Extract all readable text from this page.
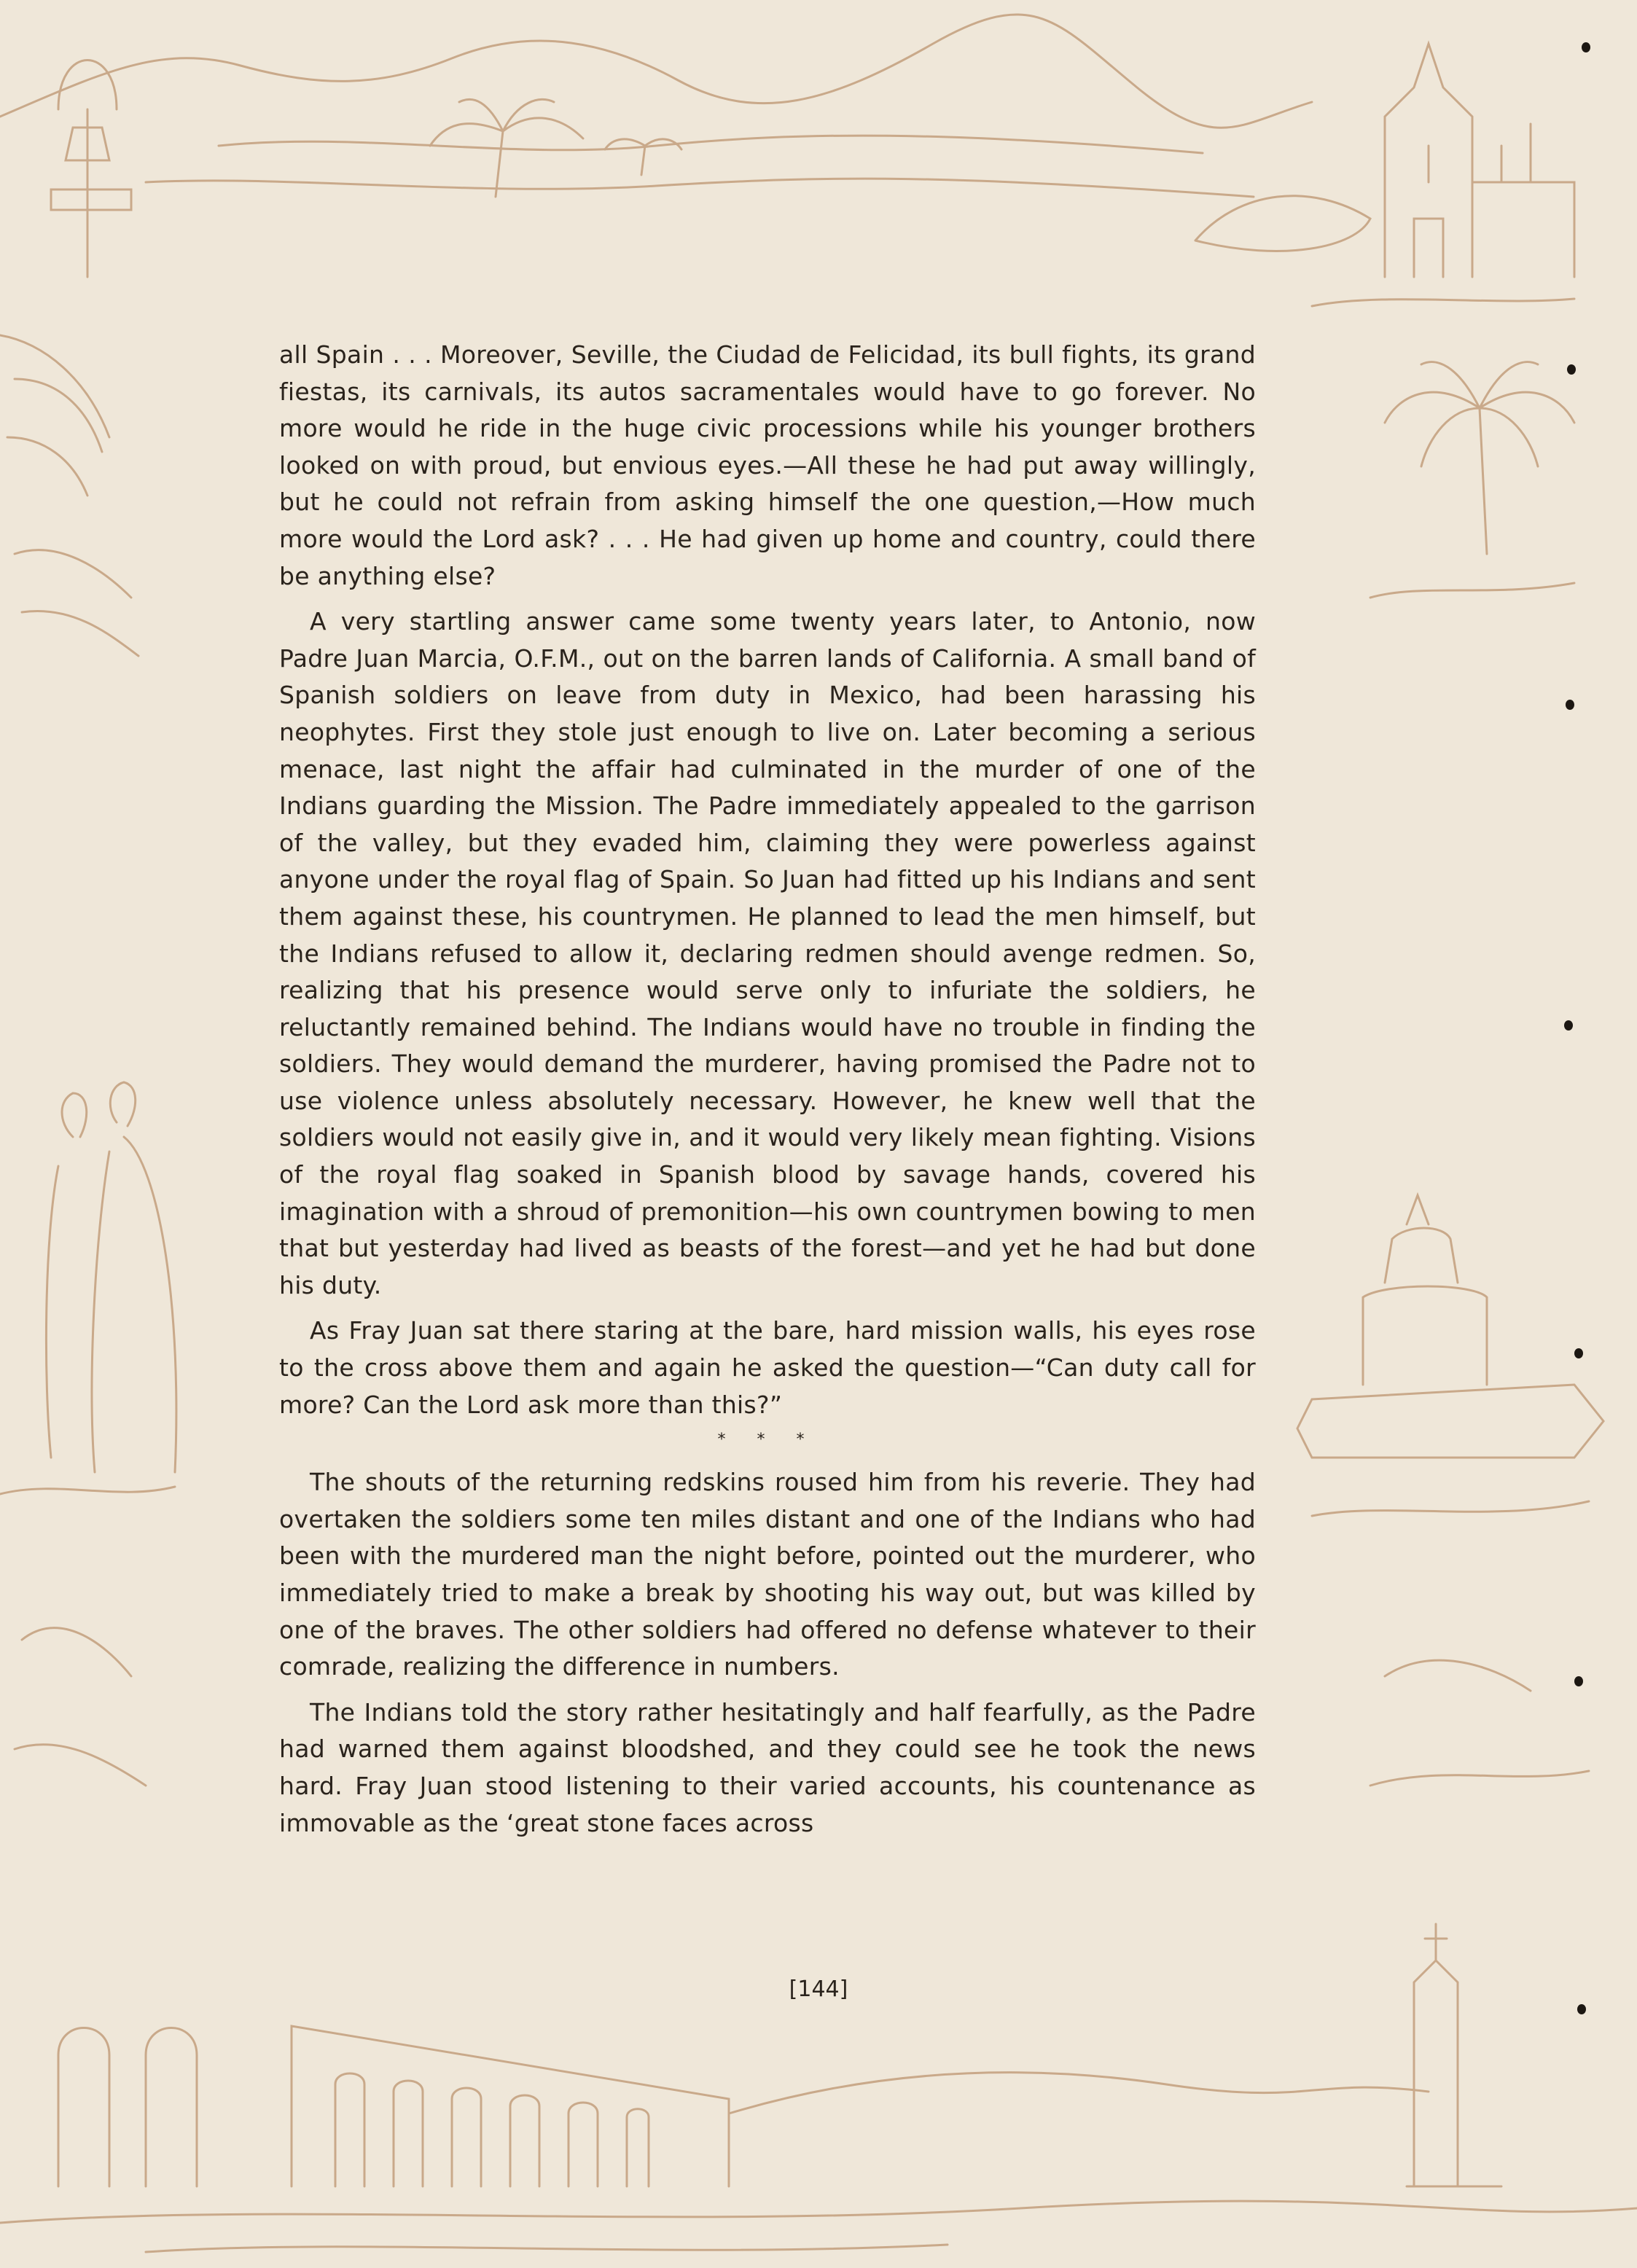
all Spain . . . Moreover, Seville, the Ciudad de Felicidad, its bull fights, its grand fiestas, its carnivals, its autos sacramentales would have to go forever. No more would he ride in the huge civic processions while his younger brothers looked on with proud, but envious eyes.—All these he had put away willingly, but he could not refrain from asking himself the one question,—How much more would the Lord ask? . . . He had given up home and country, could there be anything else?

A very startling answer came some twenty years later, to Antonio, now Padre Juan Marcia, O.F.M., out on the barren lands of California. A small band of Spanish soldiers on leave from duty in Mexico, had been harassing his neophytes. First they stole just enough to live on. Later becoming a serious menace, last night the affair had culminated in the murder of one of the Indians guarding the Mission. The Padre immediately appealed to the garrison of the valley, but they evaded him, claiming they were powerless against anyone under the royal flag of Spain. So Juan had fitted up his Indians and sent them against these, his countrymen. He planned to lead the men himself, but the Indians refused to allow it, declaring redmen should avenge redmen. So, realizing that his presence would serve only to infuriate the soldiers, he reluctantly remained behind. The Indians would have no trouble in finding the soldiers. They would demand the murderer, having promised the Padre not to use violence unless absolutely necessary. However, he knew well that the soldiers would not easily give in, and it would very likely mean fighting. Visions of the royal flag soaked in Spanish blood by savage hands, covered his imagination with a shroud of premonition—his own countrymen bowing to men that but yesterday had lived as beasts of the forest—and yet he had but done his duty.

As Fray Juan sat there staring at the bare, hard mission walls, his eyes rose to the cross above them and again he asked the question—“Can duty call for more? Can the Lord ask more than this?”

* * *

The shouts of the returning redskins roused him from his reverie. They had overtaken the soldiers some ten miles distant and one of the Indians who had been with the murdered man the night before, pointed out the murderer, who immediately tried to make a break by shooting his way out, but was killed by one of the braves. The other soldiers had offered no defense whatever to their comrade, realizing the difference in numbers.

The Indians told the story rather hesitatingly and half fearfully, as the Padre had warned them against bloodshed, and they could see he took the news hard. Fray Juan stood listening to their varied accounts, his countenance as immovable as the ‘great stone faces across

[144]
